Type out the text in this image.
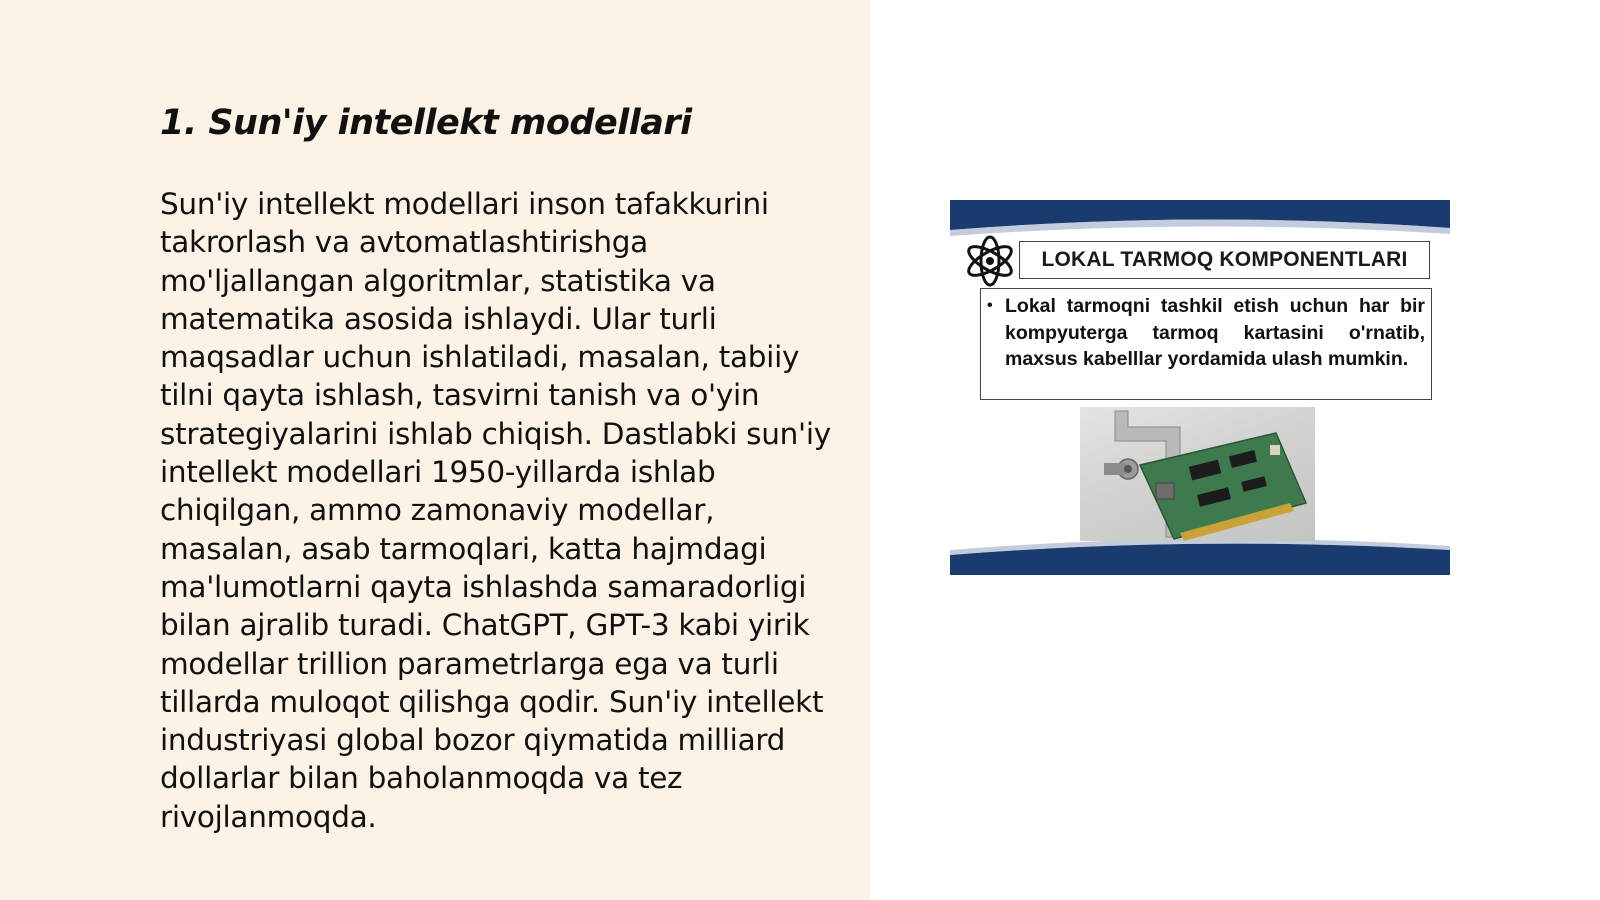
1. Sun'iy intellekt modellari

Sun'iy intellekt modellari inson tafakkurini takrorlash va avtomatlashtirishga mo'ljallangan algoritmlar, statistika va matematika asosida ishlaydi. Ular turli maqsadlar uchun ishlatiladi, masalan, tabiiy tilni qayta ishlash, tasvirni tanish va o'yin strategiyalarini ishlab chiqish. Dastlabki sun'iy intellekt modellari 1950-yillarda ishlab chiqilgan, ammo zamonaviy modellar, masalan, asab tarmoqlari, katta hajmdagi ma'lumotlarni qayta ishlashda samaradorligi bilan ajralib turadi. ChatGPT, GPT-3 kabi yirik modellar trillion parametrlarga ega va turli tillarda muloqot qilishga qodir. Sun'iy intellekt industriyasi global bozor qiymatida milliard dollarlar bilan baholanmoqda va tez rivojlanmoqda.

LOKAL TARMOQ KOMPONENTLARI
• Lokal tarmoqni tashkil etish uchun har bir kompyuterga tarmoq kartasini o'rnatib, maxsus kabelllar yordamida ulash mumkin.
